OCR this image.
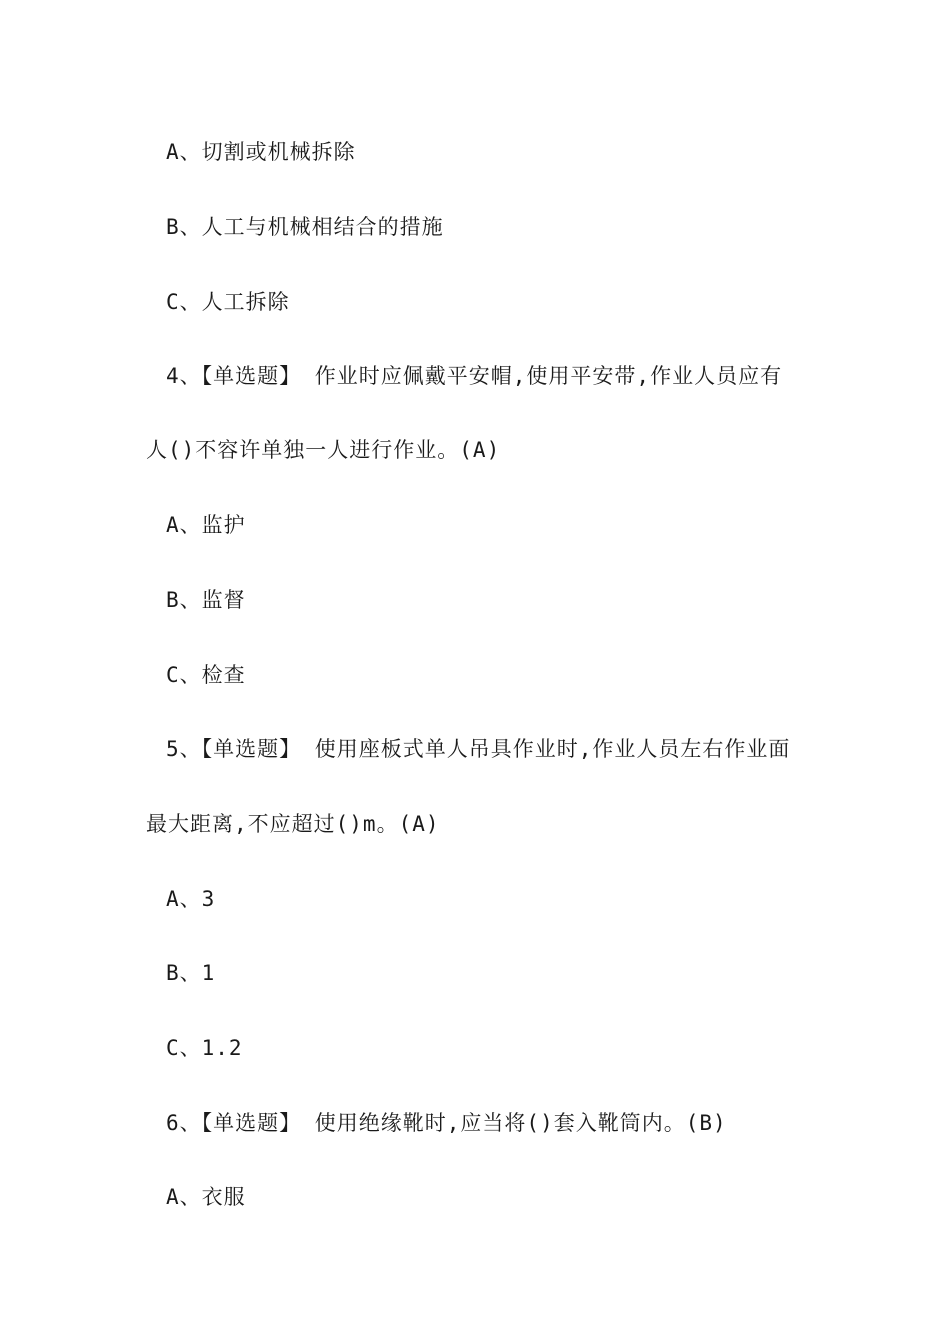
A、切割或机械拆除
B、人工与机械相结合的措施
C、人工拆除
4、【单选题】 作业时应佩戴平安帽,使用平安带,作业人员应有
人()不容许单独一人进行作业。(A)
A、监护
B、监督
C、检查
5、【单选题】 使用座板式单人吊具作业时,作业人员左右作业面
最大距离,不应超过()m。(A)
A、3
B、1
C、1.2
6、【单选题】 使用绝缘靴时,应当将()套入靴筒内。(B)
A、衣服
